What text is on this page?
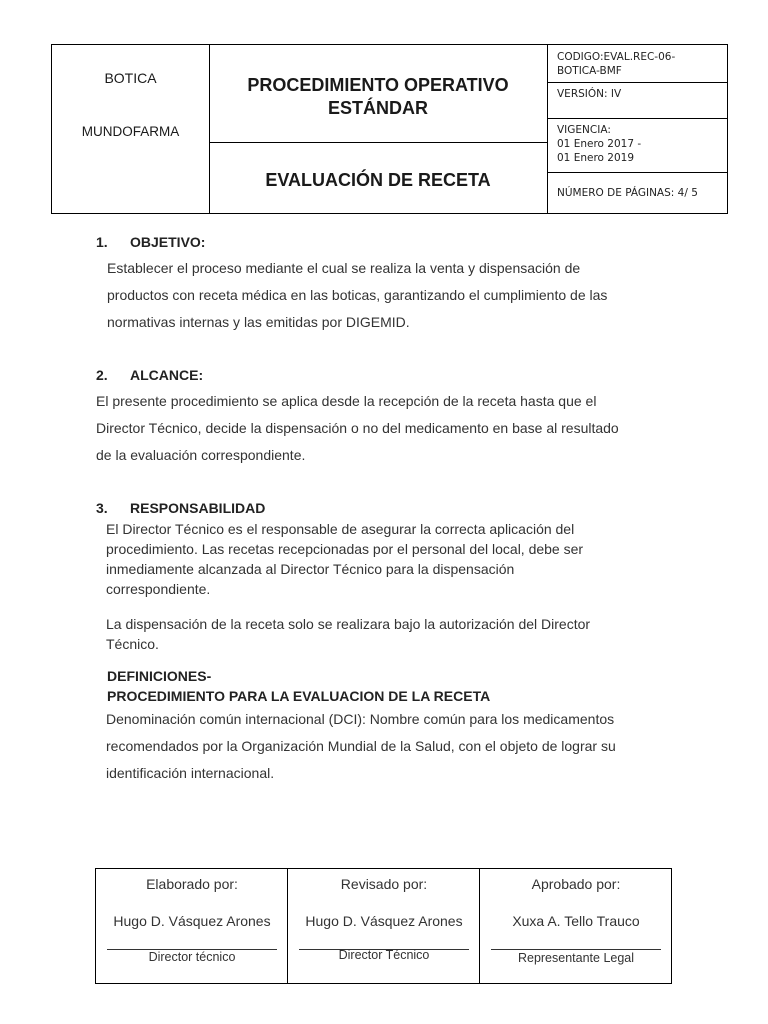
BOTICA
MUNDOFARMA
PROCEDIMIENTO OPERATIVO
ESTÁNDAR
EVALUACIÓN DE RECETA
CODIGO:EVAL.REC-06-
BOTICA-BMF
VERSIÓN: IV
VIGENCIA:
01 Enero 2017 -
01 Enero 2019
NÚMERO DE PÁGINAS: 4/ 5
1. OBJETIVO:
Establecer el proceso mediante el cual se realiza la venta y dispensación de
productos con receta médica en las boticas, garantizando el cumplimiento de las
normativas internas y las emitidas por DIGEMID.
2. ALCANCE:
El presente procedimiento se aplica desde la recepción de la receta hasta que el
Director Técnico, decide la dispensación o no del medicamento en base al resultado
de la evaluación correspondiente.
3. RESPONSABILIDAD
El Director Técnico es el responsable de asegurar la correcta aplicación del
procedimiento. Las recetas recepcionadas por el personal del local, debe ser
inmediamente alcanzada al Director Técnico para la dispensación
correspondiente.
La dispensación de la receta solo se realizara bajo la autorización del Director
Técnico.
DEFINICIONES-
PROCEDIMIENTO PARA LA EVALUACION DE LA RECETA
Denominación común internacional (DCI): Nombre común para los medicamentos
recomendados por la Organización Mundial de la Salud, con el objeto de lograr su
identificación internacional.
Elaborado por:
Hugo D. Vásquez Arones
Director técnico
Revisado por:
Hugo D. Vásquez Arones
Director Técnico
Aprobado por:
Xuxa A. Tello Trauco
Representante Legal
